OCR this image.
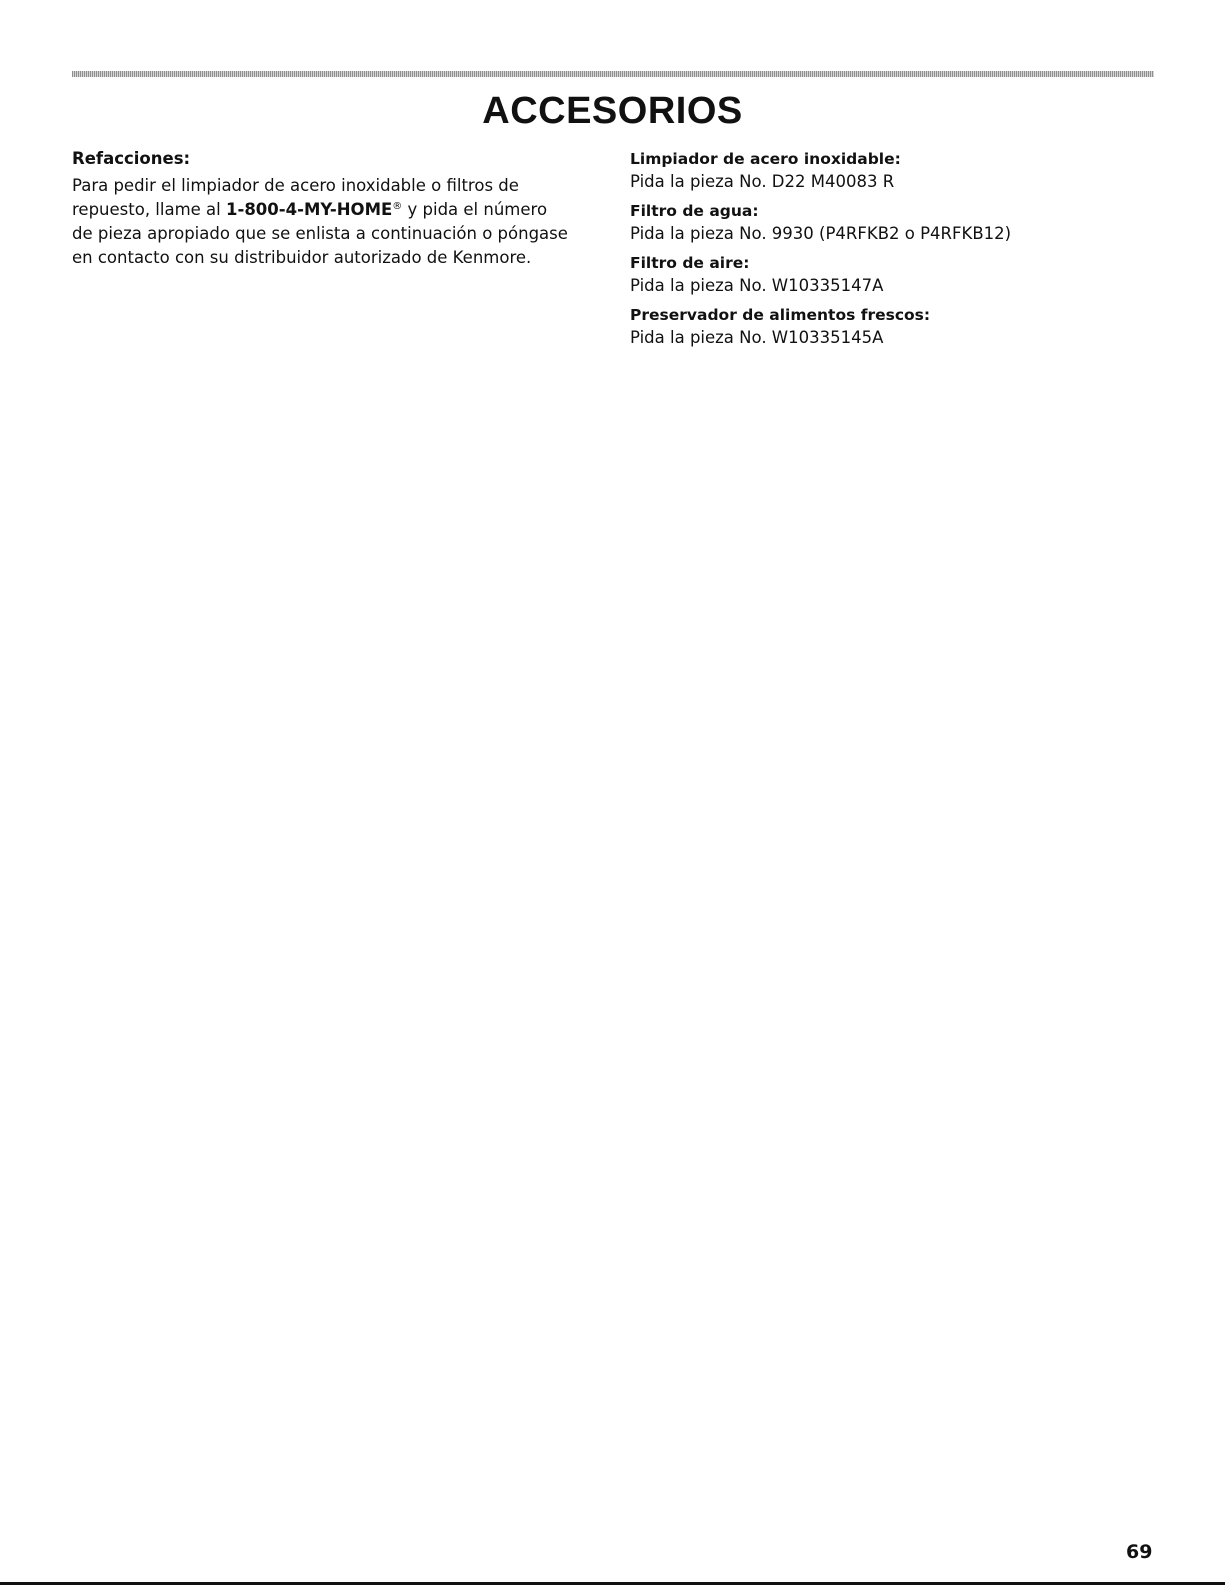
ACCESORIOS

Refacciones:

Para pedir el limpiador de acero inoxidable o filtros de repuesto, llame al 1-800-4-MY-HOME® y pida el número de pieza apropiado que se enlista a continuación o póngase en contacto con su distribuidor autorizado de Kenmore.

Limpiador de acero inoxidable:

Pida la pieza No. D22 M40083 R

Filtro de agua:

Pida la pieza No. 9930 (P4RFKB2 o P4RFKB12)

Filtro de aire:

Pida la pieza No. W10335147A

Preservador de alimentos frescos:

Pida la pieza No. W10335145A

69
